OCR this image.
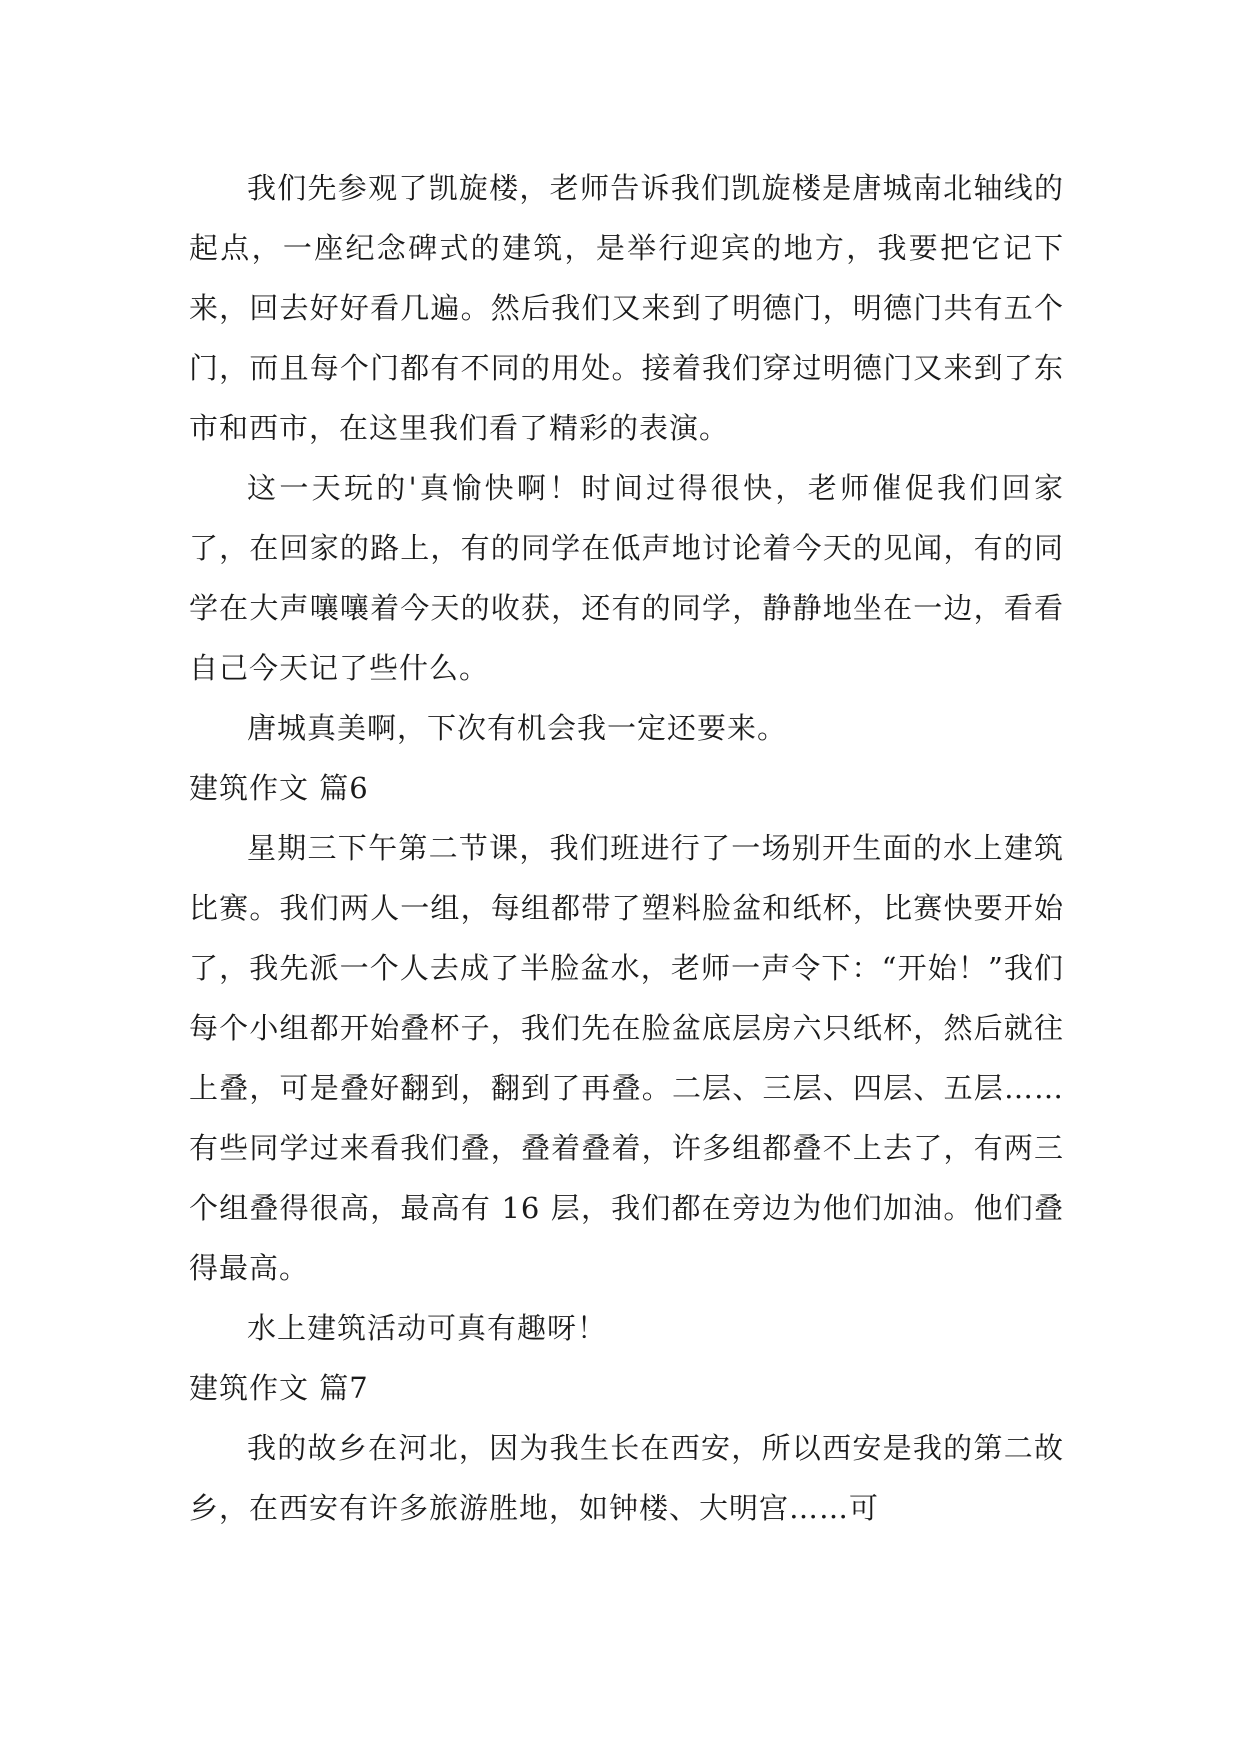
我们先参观了凯旋楼，老师告诉我们凯旋楼是唐城南北轴线的起点，一座纪念碑式的建筑，是举行迎宾的地方，我要把它记下来，回去好好看几遍。然后我们又来到了明德门，明德门共有五个门，而且每个门都有不同的用处。接着我们穿过明德门又来到了东市和西市，在这里我们看了精彩的表演。

这一天玩的'真愉快啊！时间过得很快，老师催促我们回家了，在回家的路上，有的同学在低声地讨论着今天的见闻，有的同学在大声嚷嚷着今天的收获，还有的同学，静静地坐在一边，看看自己今天记了些什么。

唐城真美啊，下次有机会我一定还要来。

建筑作文 篇6

星期三下午第二节课，我们班进行了一场别开生面的水上建筑比赛。我们两人一组，每组都带了塑料脸盆和纸杯，比赛快要开始了，我先派一个人去成了半脸盆水，老师一声令下：“开始！”我们每个小组都开始叠杯子，我们先在脸盆底层房六只纸杯，然后就往上叠，可是叠好翻到，翻到了再叠。二层、三层、四层、五层……有些同学过来看我们叠，叠着叠着，许多组都叠不上去了，有两三个组叠得很高，最高有 16 层，我们都在旁边为他们加油。他们叠得最高。

水上建筑活动可真有趣呀！

建筑作文 篇7

我的故乡在河北，因为我生长在西安，所以西安是我的第二故乡，在西安有许多旅游胜地，如钟楼、大明宫……可
